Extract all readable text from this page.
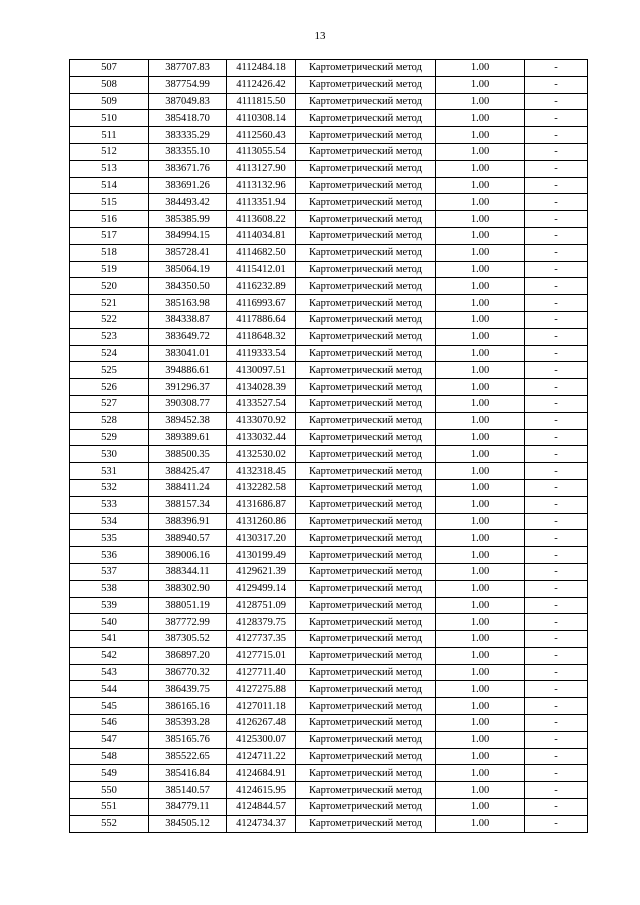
13
507	387707.83	4112484.18	Картометрический метод	1.00	-
508	387754.99	4112426.42	Картометрический метод	1.00	-
509	387049.83	4111815.50	Картометрический метод	1.00	-
510	385418.70	4110308.14	Картометрический метод	1.00	-
511	383335.29	4112560.43	Картометрический метод	1.00	-
512	383355.10	4113055.54	Картометрический метод	1.00	-
513	383671.76	4113127.90	Картометрический метод	1.00	-
514	383691.26	4113132.96	Картометрический метод	1.00	-
515	384493.42	4113351.94	Картометрический метод	1.00	-
516	385385.99	4113608.22	Картометрический метод	1.00	-
517	384994.15	4114034.81	Картометрический метод	1.00	-
518	385728.41	4114682.50	Картометрический метод	1.00	-
519	385064.19	4115412.01	Картометрический метод	1.00	-
520	384350.50	4116232.89	Картометрический метод	1.00	-
521	385163.98	4116993.67	Картометрический метод	1.00	-
522	384338.87	4117886.64	Картометрический метод	1.00	-
523	383649.72	4118648.32	Картометрический метод	1.00	-
524	383041.01	4119333.54	Картометрический метод	1.00	-
525	394886.61	4130097.51	Картометрический метод	1.00	-
526	391296.37	4134028.39	Картометрический метод	1.00	-
527	390308.77	4133527.54	Картометрический метод	1.00	-
528	389452.38	4133070.92	Картометрический метод	1.00	-
529	389389.61	4133032.44	Картометрический метод	1.00	-
530	388500.35	4132530.02	Картометрический метод	1.00	-
531	388425.47	4132318.45	Картометрический метод	1.00	-
532	388411.24	4132282.58	Картометрический метод	1.00	-
533	388157.34	4131686.87	Картометрический метод	1.00	-
534	388396.91	4131260.86	Картометрический метод	1.00	-
535	388940.57	4130317.20	Картометрический метод	1.00	-
536	389006.16	4130199.49	Картометрический метод	1.00	-
537	388344.11	4129621.39	Картометрический метод	1.00	-
538	388302.90	4129499.14	Картометрический метод	1.00	-
539	388051.19	4128751.09	Картометрический метод	1.00	-
540	387772.99	4128379.75	Картометрический метод	1.00	-
541	387305.52	4127737.35	Картометрический метод	1.00	-
542	386897.20	4127715.01	Картометрический метод	1.00	-
543	386770.32	4127711.40	Картометрический метод	1.00	-
544	386439.75	4127275.88	Картометрический метод	1.00	-
545	386165.16	4127011.18	Картометрический метод	1.00	-
546	385393.28	4126267.48	Картометрический метод	1.00	-
547	385165.76	4125300.07	Картометрический метод	1.00	-
548	385522.65	4124711.22	Картометрический метод	1.00	-
549	385416.84	4124684.91	Картометрический метод	1.00	-
550	385140.57	4124615.95	Картометрический метод	1.00	-
551	384779.11	4124844.57	Картометрический метод	1.00	-
552	384505.12	4124734.37	Картометрический метод	1.00	-
